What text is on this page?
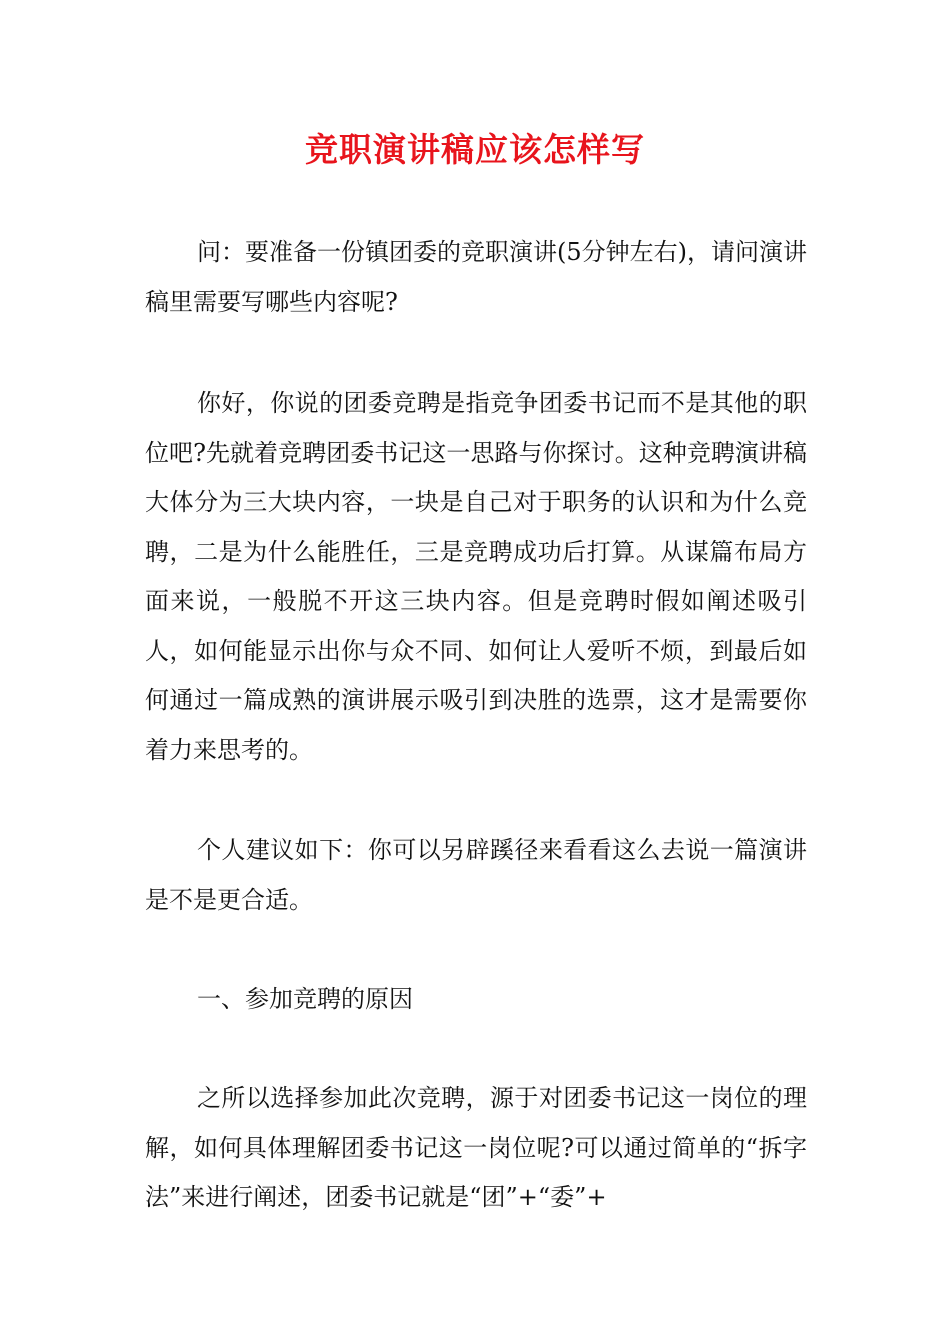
竞职演讲稿应该怎样写

问：要准备一份镇团委的竞职演讲(5分钟左右)，请问演讲稿里需要写哪些内容呢?

你好，你说的团委竞聘是指竞争团委书记而不是其他的职位吧?先就着竞聘团委书记这一思路与你探讨。这种竞聘演讲稿大体分为三大块内容，一块是自己对于职务的认识和为什么竞聘，二是为什么能胜任，三是竞聘成功后打算。从谋篇布局方面来说，一般脱不开这三块内容。但是竞聘时假如阐述吸引人，如何能显示出你与众不同、如何让人爱听不烦，到最后如何通过一篇成熟的演讲展示吸引到决胜的选票，这才是需要你着力来思考的。

个人建议如下：你可以另辟蹊径来看看这么去说一篇演讲是不是更合适。

一、参加竞聘的原因

之所以选择参加此次竞聘，源于对团委书记这一岗位的理解，如何具体理解团委书记这一岗位呢?可以通过简单的“拆字法”来进行阐述，团委书记就是“团”+“委”+
